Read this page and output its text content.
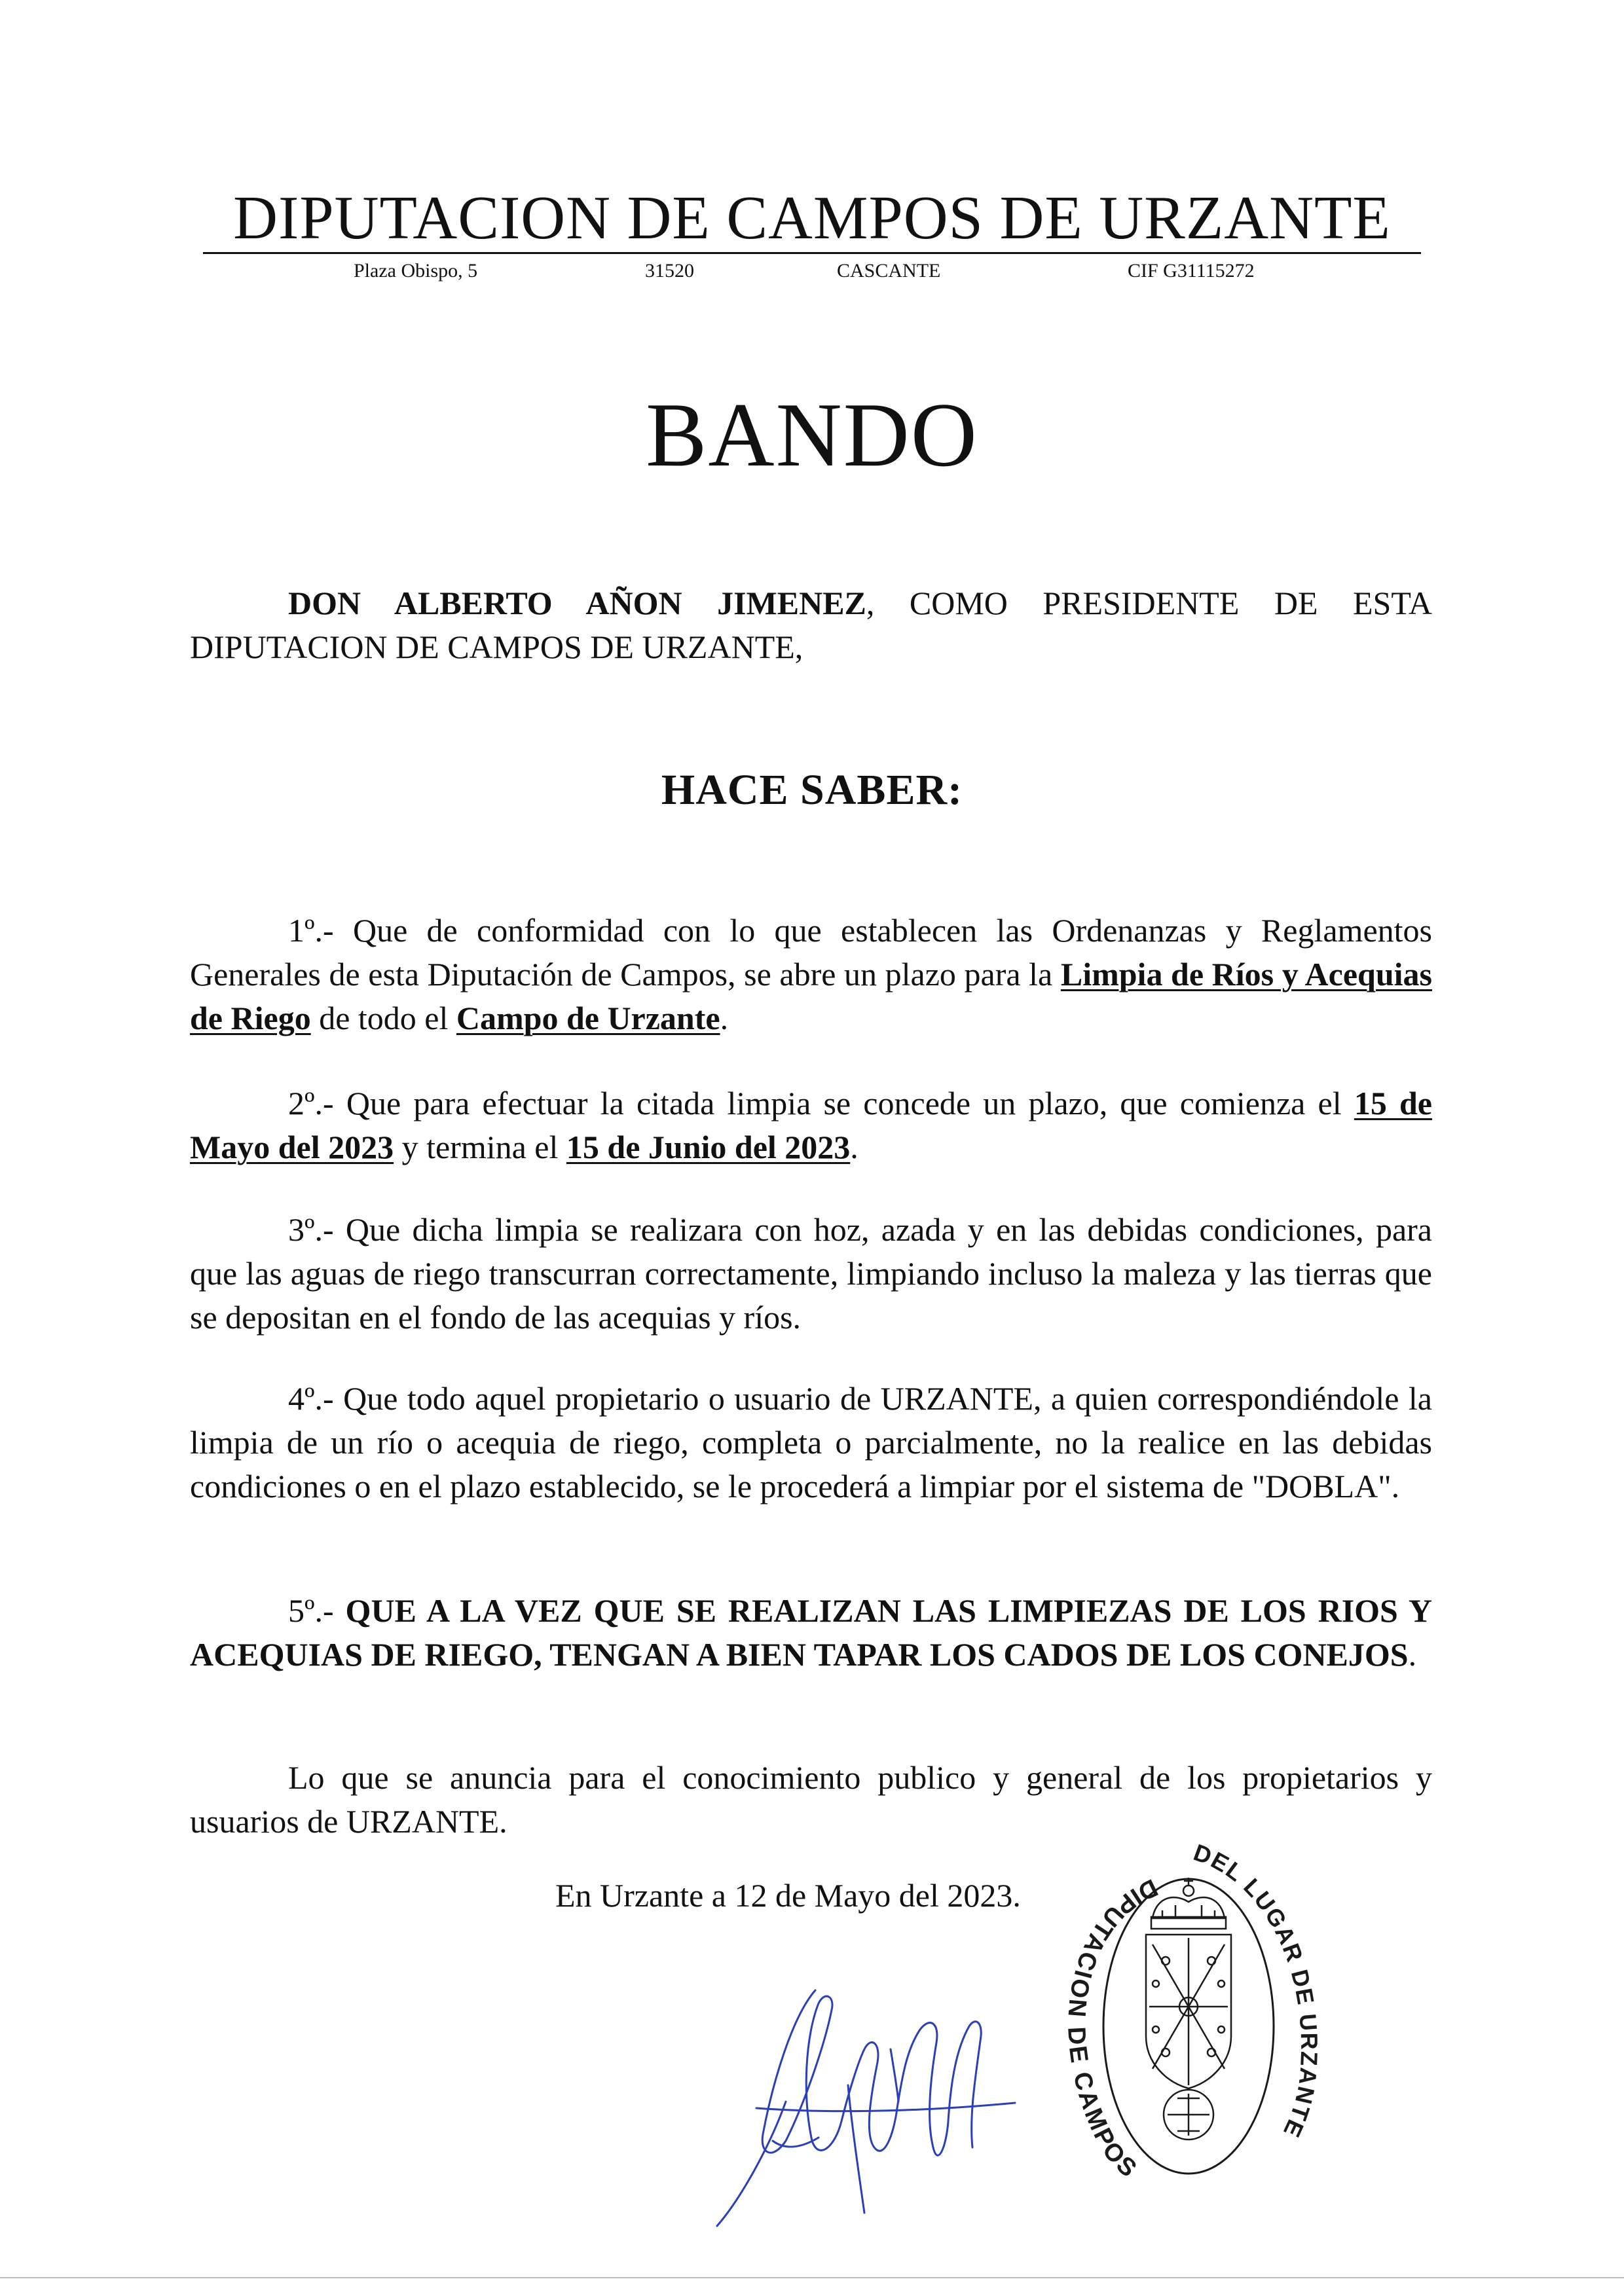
DIPUTACION DE CAMPOS DE URZANTE
Plaza Obispo, 5	31520	CASCANTE	CIF G31115272
BANDO

DON ALBERTO AÑON JIMENEZ, COMO PRESIDENTE DE ESTA DIPUTACION DE CAMPOS DE URZANTE,

HACE SABER:

1º.- Que de conformidad con lo que establecen las Ordenanzas y Reglamentos Generales de esta Diputación de Campos, se abre un plazo para la Limpia de Ríos y Acequias de Riego de todo el Campo de Urzante.

2º.- Que para efectuar la citada limpia se concede un plazo, que comienza el 15 de Mayo del 2023 y termina el 15 de Junio del 2023.

3º.- Que dicha limpia se realizara con hoz, azada y en las debidas condiciones, para que las aguas de riego transcurran correctamente, limpiando incluso la maleza y las tierras que se depositan en el fondo de las acequias y ríos.

4º.- Que todo aquel propietario o usuario de URZANTE, a quien correspondiéndole la limpia de un río o acequia de riego, completa o parcialmente, no la realice en las debidas condiciones o en el plazo establecido, se le procederá a limpiar por el sistema de "DOBLA".

5º.- QUE A LA VEZ QUE SE REALIZAN LAS LIMPIEZAS DE LOS RIOS Y ACEQUIAS DE RIEGO, TENGAN A BIEN TAPAR LOS CADOS DE LOS CONEJOS.

Lo que se anuncia para el conocimiento publico y general de los propietarios y usuarios de URZANTE.

En Urzante a 12 de Mayo del 2023.	DIPUTACION DE CAMPOS
DEL LUGAR DE URZANTE
